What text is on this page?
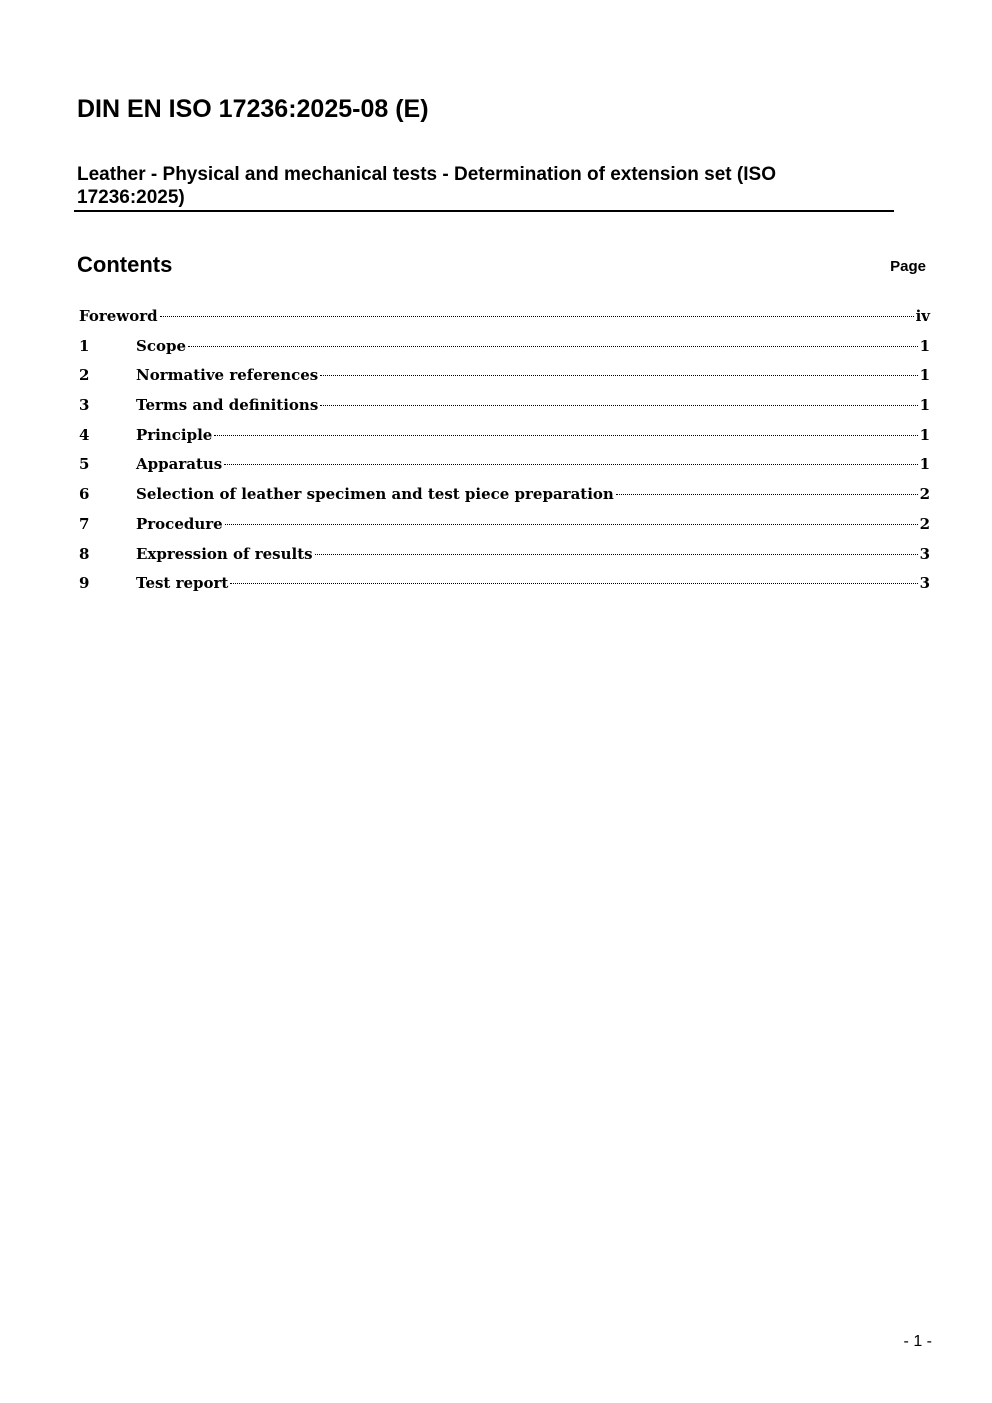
DIN EN ISO 17236:2025-08 (E)
Leather - Physical and mechanical tests - Determination of extension set (ISO 17236:2025)
Contents	Page
Foreword	iv
1	Scope	1
2	Normative references	1
3	Terms and definitions	1
4	Principle	1
5	Apparatus	1
6	Selection of leather specimen and test piece preparation	2
7	Procedure	2
8	Expression of results	3
9	Test report	3
- 1 -
